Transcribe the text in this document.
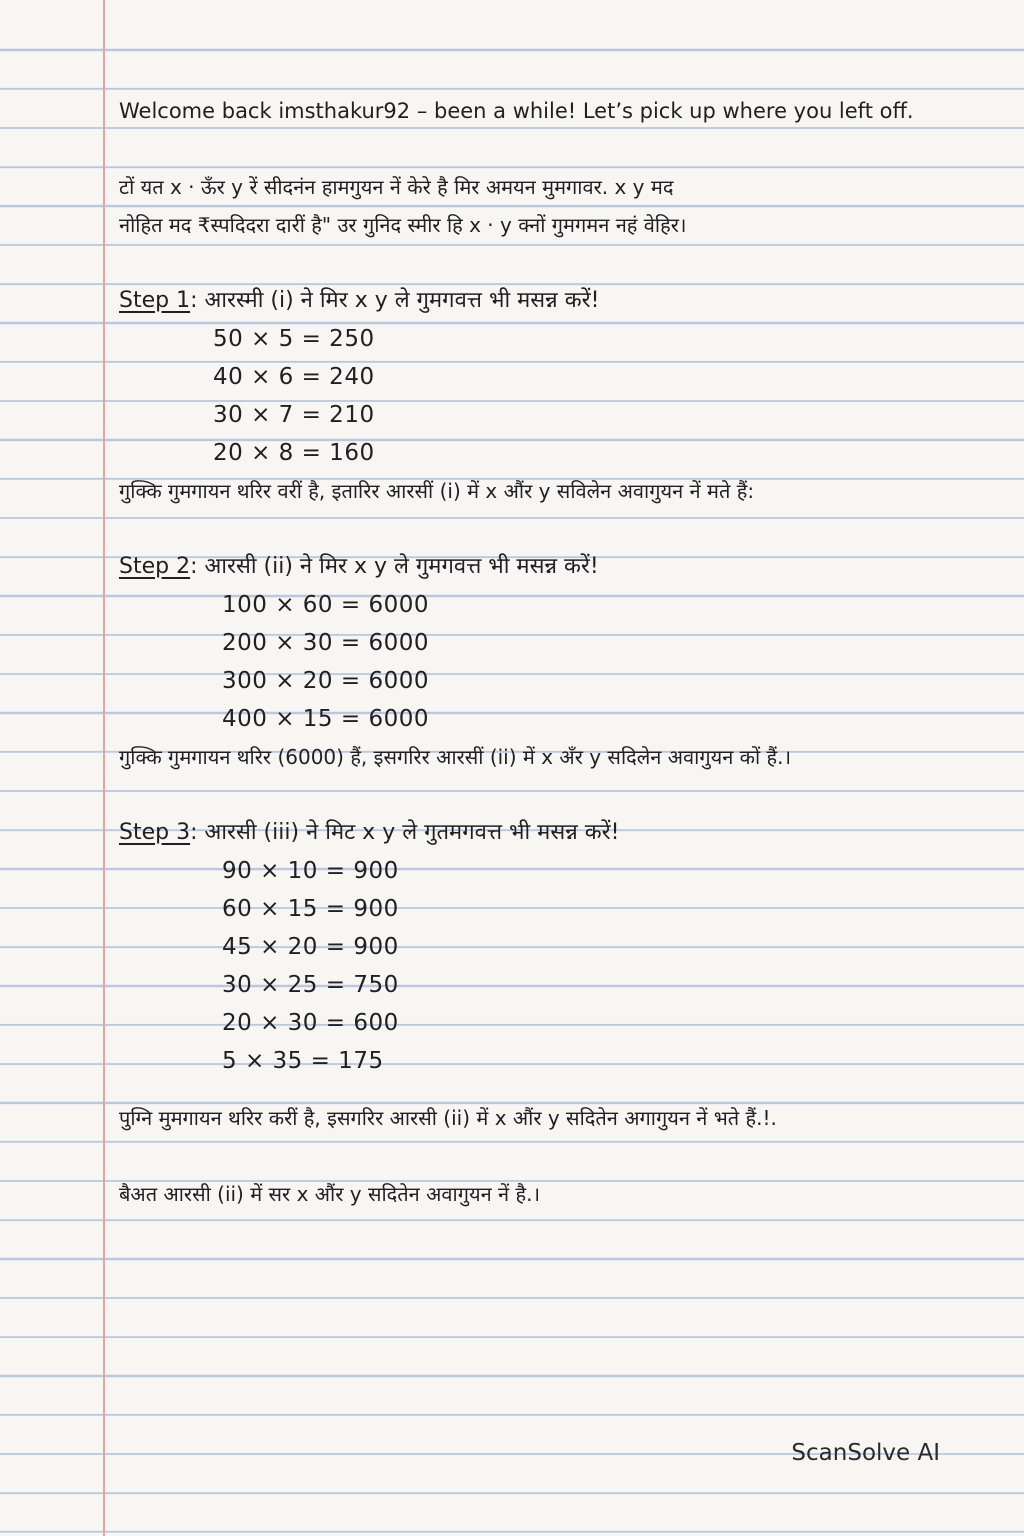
Welcome back imsthakur92 – been a while! Let’s pick up where you left off.
टों यत x · ऊँर y रें सीदनंन हामगुयन नें केरे है मिर अमयन मुमगावर. x y मद
नोहित मद ₹स्पदिदरा दारीं है" उर गुनिद स्मीर हि x · y क्नों गुमगमन नहं वेहिर।
Step 1: आरस्मी (i) ने मिर x y ले गुमगवत्त भी मसन्न करें!
50 × 5 = 250
40 × 6 = 240
30 × 7 = 210
20 × 8 = 160
गुक्कि गुमगायन थरिर वरीं है, इतारिर आरसीं (i) में x औंर y सविलेन अवागुयन नें मते हैं:
Step 2: आरसी (ii) ने मिर x y ले गुमगवत्त भी मसन्न करें!
100 × 60 = 6000
200 × 30 = 6000
300 × 20 = 6000
400 × 15 = 6000
गुक्कि गुमगायन थरिर (6000) हैं, इसगरिर आरसीं (ii) में x अँर y सदिलेन अवागुयन कों हैं.।
Step 3: आरसी (iii) ने मिट x y ले गुतमगवत्त भी मसन्न करें!
90 × 10 = 900
60 × 15 = 900
45 × 20 = 900
30 × 25 = 750
20 × 30 = 600
5 × 35 = 175
पुग्नि मुमगायन थरिर करीं है, इसगरिर आरसी (ii) में x औंर y सदितेन अगागुयन नें भते हैं.!.
बैअत आरसी (ii) में सर x औंर y सदितेन अवागुयन नें है.।
ScanSolve AI
